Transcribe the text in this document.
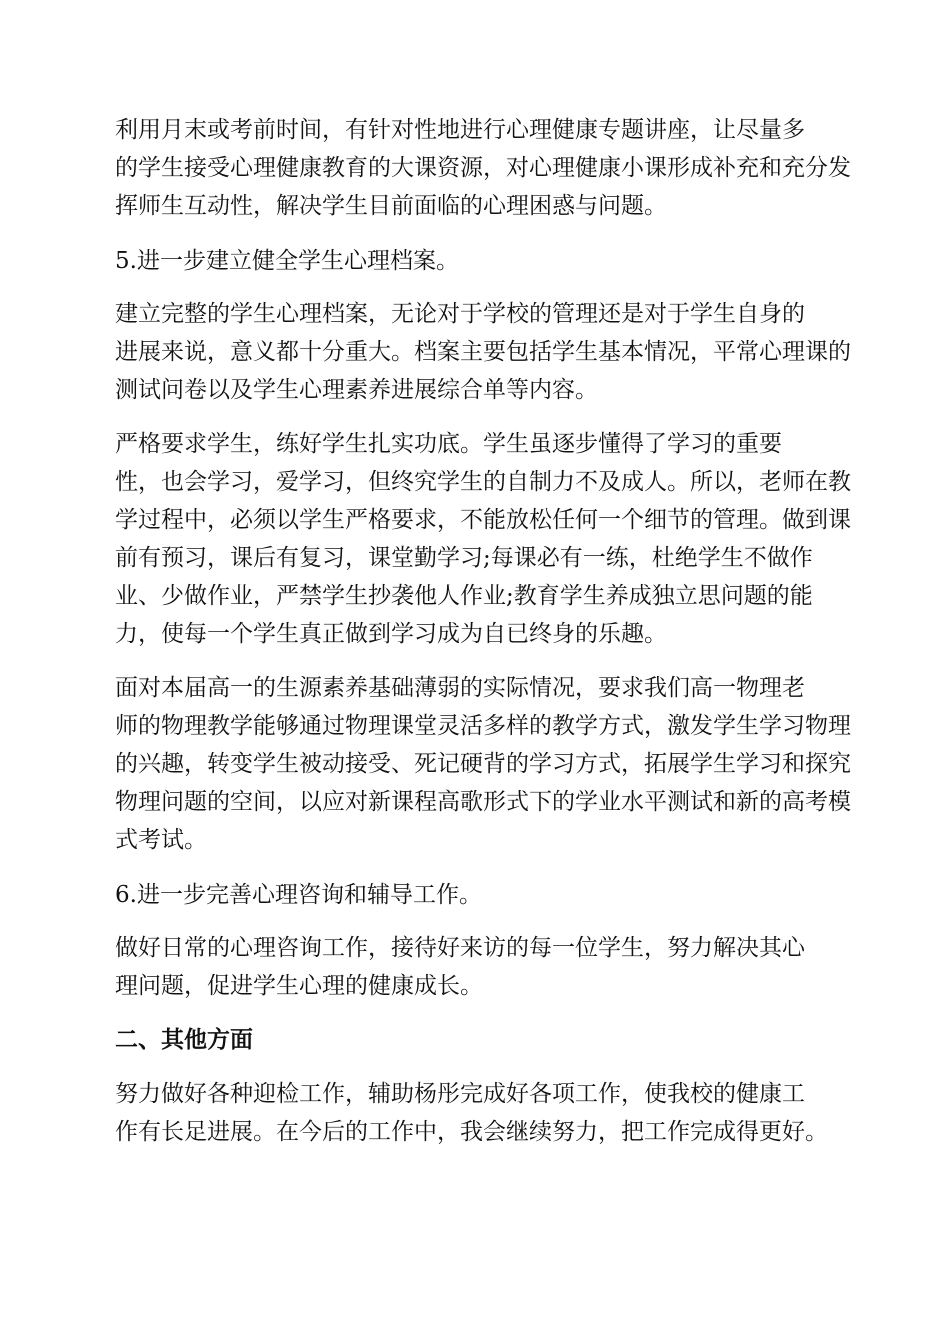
利用月末或考前时间，有针对性地进行心理健康专题讲座，让尽量多
的学生接受心理健康教育的大课资源，对心理健康小课形成补充和充分发
挥师生互动性，解决学生目前面临的心理困惑与问题。
5.进一步建立健全学生心理档案。
建立完整的学生心理档案，无论对于学校的管理还是对于学生自身的
进展来说，意义都十分重大。档案主要包括学生基本情况，平常心理课的
测试问卷以及学生心理素养进展综合单等内容。
严格要求学生，练好学生扎实功底。学生虽逐步懂得了学习的重要
性，也会学习，爱学习，但终究学生的自制力不及成人。所以，老师在教
学过程中，必须以学生严格要求，不能放松任何一个细节的管理。做到课
前有预习，课后有复习，课堂勤学习;每课必有一练，杜绝学生不做作
业、少做作业，严禁学生抄袭他人作业;教育学生养成独立思问题的能
力，使每一个学生真正做到学习成为自已终身的乐趣。
面对本届高一的生源素养基础薄弱的实际情况，要求我们高一物理老
师的物理教学能够通过物理课堂灵活多样的教学方式，激发学生学习物理
的兴趣，转变学生被动接受、死记硬背的学习方式，拓展学生学习和探究
物理问题的空间，以应对新课程高歌形式下的学业水平测试和新的高考模
式考试。
6.进一步完善心理咨询和辅导工作。
做好日常的心理咨询工作，接待好来访的每一位学生，努力解决其心
理问题，促进学生心理的健康成长。
二、其他方面
努力做好各种迎检工作，辅助杨彤完成好各项工作，使我校的健康工
作有长足进展。在今后的工作中，我会继续努力，把工作完成得更好。
